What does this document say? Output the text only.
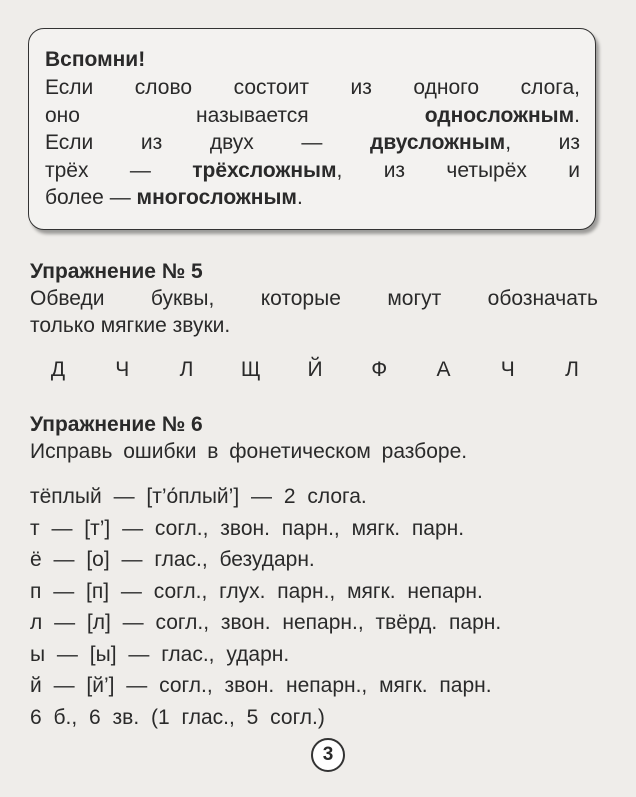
Вспомни!
Если слово состоит из одного слога,
оно называется односложным.
Если из двух — двусложным, из
трёх — трёхсложным, из четырёх и
более — многосложным.
Упражнение № 5
Обведи буквы, которые могут обозначать
только мягкие звуки.
Д	Ч	Л	Щ	Й	Ф	А	Ч	Л
Упражнение № 6
Исправь ошибки в фонетическом разборе.
тёплый — [т’о́плый’] — 2 слога.
т — [т’] — согл., звон. парн., мягк. парн.
ё — [о] — глас., безударн.
п — [п] — согл., глух. парн., мягк. непарн.
л — [л] — согл., звон. непарн., твёрд. парн.
ы — [ы] — глас., ударн.
й — [й’] — согл., звон. непарн., мягк. парн.
6 б., 6 зв. (1 глас., 5 согл.)
3
